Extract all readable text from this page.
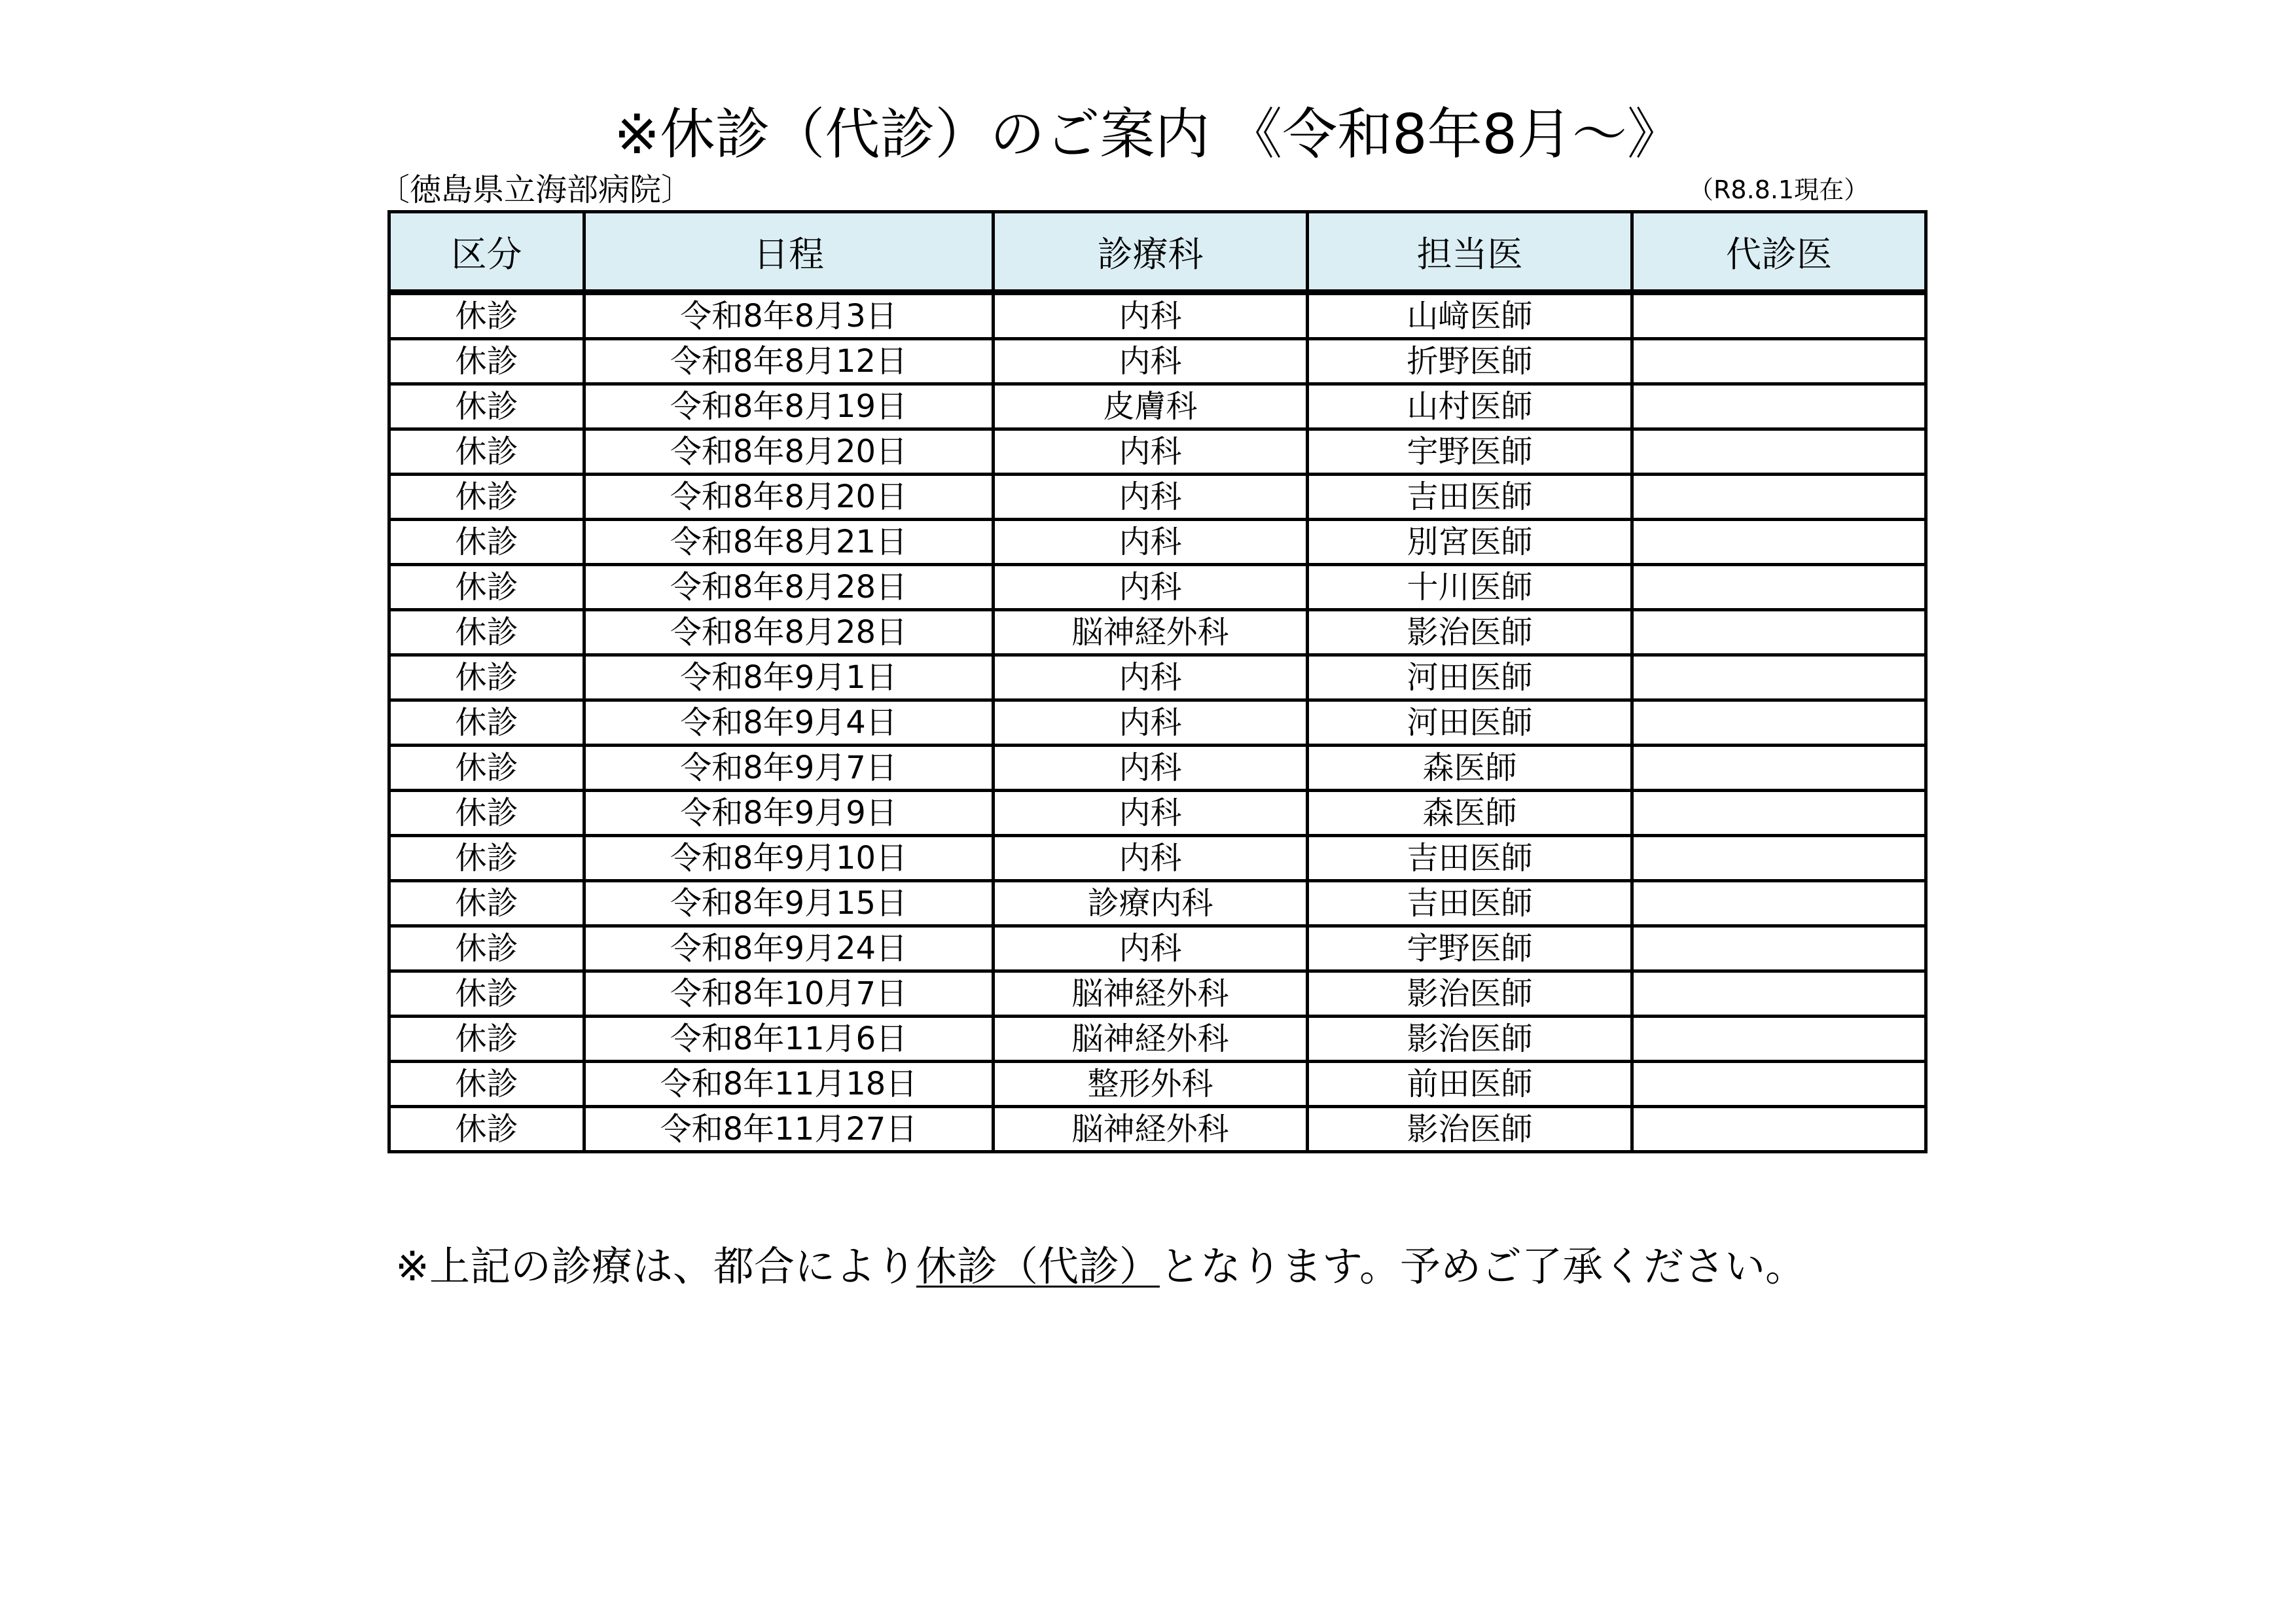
※休診（代診）のご案内 《令和8年8月～》
〔徳島県立海部病院〕	（R8.8.1現在）
区分	日程	診療科	担当医	代診医
休診	令和8年8月3日	内科	山﨑医師	
休診	令和8年8月12日	内科	折野医師	
休診	令和8年8月19日	皮膚科	山村医師	
休診	令和8年8月20日	内科	宇野医師	
休診	令和8年8月20日	内科	吉田医師	
休診	令和8年8月21日	内科	別宮医師	
休診	令和8年8月28日	内科	十川医師	
休診	令和8年8月28日	脳神経外科	影治医師	
休診	令和8年9月1日	内科	河田医師	
休診	令和8年9月4日	内科	河田医師	
休診	令和8年9月7日	内科	森医師	
休診	令和8年9月9日	内科	森医師	
休診	令和8年9月10日	内科	吉田医師	
休診	令和8年9月15日	診療内科	吉田医師	
休診	令和8年9月24日	内科	宇野医師	
休診	令和8年10月7日	脳神経外科	影治医師	
休診	令和8年11月6日	脳神経外科	影治医師	
休診	令和8年11月18日	整形外科	前田医師	
休診	令和8年11月27日	脳神経外科	影治医師	
※上記の診療は、都合により休診（代診）となります。予めご了承ください。
